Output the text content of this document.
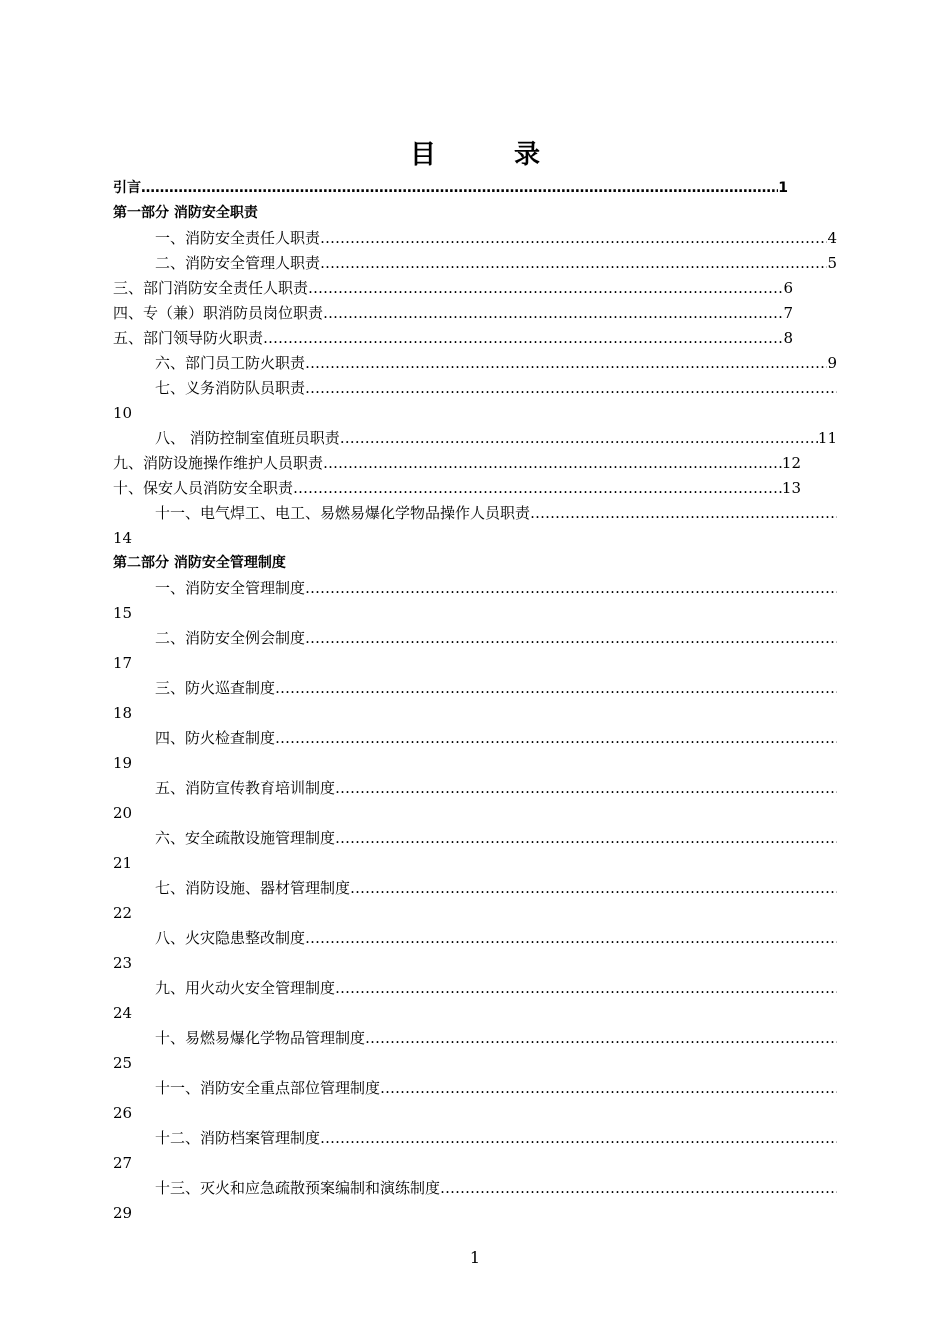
目	录
引言 ……………………………………………………………………………………………………………………………………………………………………………………………………	1
第一部分 消防安全职责
一、消防安全责任人职责 ……………………………………………………………………………………………………………………………………………………………………………………………………	4
二、消防安全管理人职责 ……………………………………………………………………………………………………………………………………………………………………………………………………	5
三、部门消防安全责任人职责 ……………………………………………………………………………………………………………………………………………………………………………………………………	6
四、专（兼）职消防员岗位职责 ……………………………………………………………………………………………………………………………………………………………………………………………………	7
五、部门领导防火职责 ……………………………………………………………………………………………………………………………………………………………………………………………………	8
六、部门员工防火职责 ……………………………………………………………………………………………………………………………………………………………………………………………………	9
七、义务消防队员职责
……………………………………………………………………………………………………………………………………………………………………………………………………
10
八、 消防控制室值班员职责 ……………………………………………………………………………………………………………………………………………………………………………………………………	11
九、消防设施操作维护人员职责 ……………………………………………………………………………………………………………………………………………………………………………………………………	12
十、保安人员消防安全职责 ……………………………………………………………………………………………………………………………………………………………………………………………………	13
十一、电气焊工、电工、易燃易爆化学物品操作人员职责
……………………………………………………………………………………………………………………………………………………………………………………………………
14
第二部分 消防安全管理制度
一、消防安全管理制度
……………………………………………………………………………………………………………………………………………………………………………………………………
15
二、消防安全例会制度
……………………………………………………………………………………………………………………………………………………………………………………………………
17
三、防火巡查制度
……………………………………………………………………………………………………………………………………………………………………………………………………
18
四、防火检查制度
……………………………………………………………………………………………………………………………………………………………………………………………………
19
五、消防宣传教育培训制度
……………………………………………………………………………………………………………………………………………………………………………………………………
20
六、安全疏散设施管理制度
……………………………………………………………………………………………………………………………………………………………………………………………………
21
七、消防设施、器材管理制度
……………………………………………………………………………………………………………………………………………………………………………………………………
22
八、火灾隐患整改制度
……………………………………………………………………………………………………………………………………………………………………………………………………
23
九、用火动火安全管理制度
……………………………………………………………………………………………………………………………………………………………………………………………………
24
十、易燃易爆化学物品管理制度
……………………………………………………………………………………………………………………………………………………………………………………………………
25
十一、消防安全重点部位管理制度
……………………………………………………………………………………………………………………………………………………………………………………………………
26
十二、消防档案管理制度
……………………………………………………………………………………………………………………………………………………………………………………………………
27
十三、灭火和应急疏散预案编制和演练制度
……………………………………………………………………………………………………………………………………………………………………………………………………
29
1
